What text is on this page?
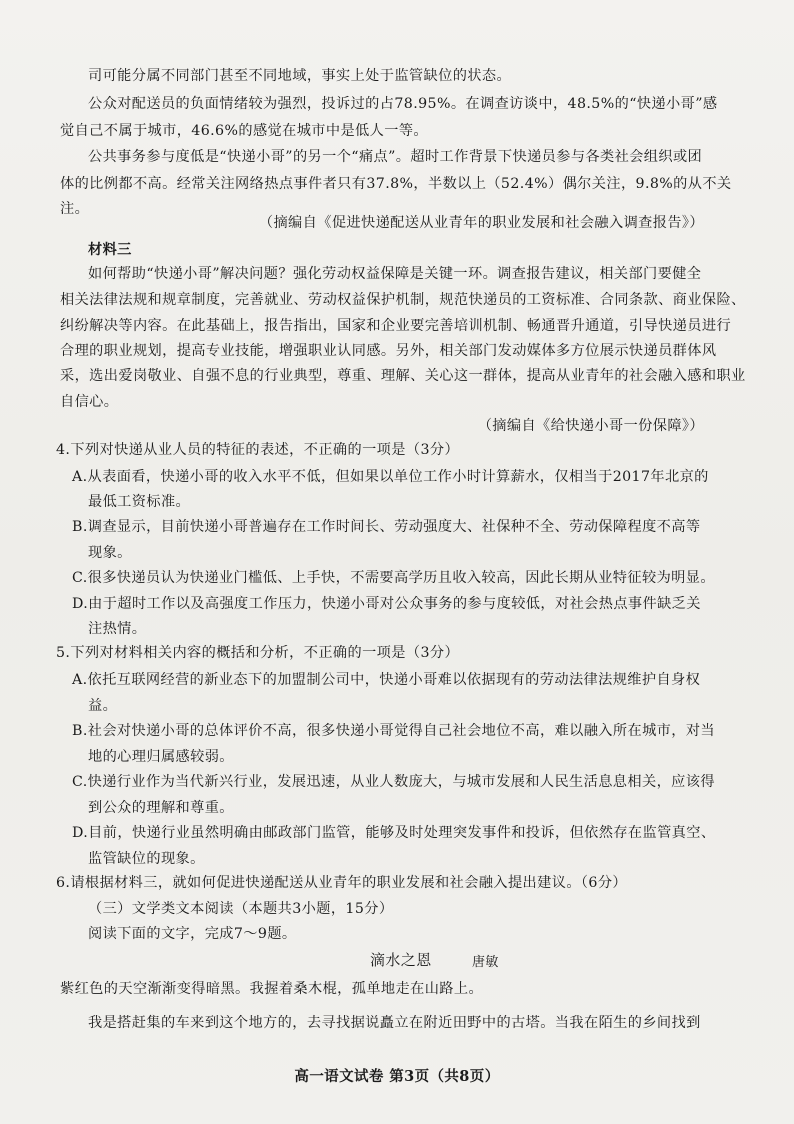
司可能分属不同部门甚至不同地域，事实上处于监管缺位的状态。
公众对配送员的负面情绪较为强烈，投诉过的占78.95%。在调查访谈中，48.5%的“快递小哥”感
觉自己不属于城市，46.6%的感觉在城市中是低人一等。
公共事务参与度低是“快递小哥”的另一个“痛点”。超时工作背景下快递员参与各类社会组织或团
体的比例都不高。经常关注网络热点事件者只有37.8%，半数以上（52.4%）偶尔关注，9.8%的从不关
注。
（摘编自《促进快递配送从业青年的职业发展和社会融入调查报告》）
材料三
如何帮助“快递小哥”解决问题？强化劳动权益保障是关键一环。调查报告建议，相关部门要健全
相关法律法规和规章制度，完善就业、劳动权益保护机制，规范快递员的工资标准、合同条款、商业保险、
纠纷解决等内容。在此基础上，报告指出，国家和企业要完善培训机制、畅通晋升通道，引导快递员进行
合理的职业规划，提高专业技能，增强职业认同感。另外，相关部门发动媒体多方位展示快递员群体风
采，选出爱岗敬业、自强不息的行业典型，尊重、理解、关心这一群体，提高从业青年的社会融入感和职业
自信心。
（摘编自《给快递小哥一份保障》）
4.下列对快递从业人员的特征的表述，不正确的一项是（3分）
A.从表面看，快递小哥的收入水平不低，但如果以单位工作小时计算薪水，仅相当于2017年北京的
最低工资标准。
B.调查显示，目前快递小哥普遍存在工作时间长、劳动强度大、社保种不全、劳动保障程度不高等
现象。
C.很多快递员认为快递业门槛低、上手快，不需要高学历且收入较高，因此长期从业特征较为明显。
D.由于超时工作以及高强度工作压力，快递小哥对公众事务的参与度较低，对社会热点事件缺乏关
注热情。
5.下列对材料相关内容的概括和分析，不正确的一项是（3分）
A.依托互联网经营的新业态下的加盟制公司中，快递小哥难以依据现有的劳动法律法规维护自身权
益。
B.社会对快递小哥的总体评价不高，很多快递小哥觉得自己社会地位不高，难以融入所在城市，对当
地的心理归属感较弱。
C.快递行业作为当代新兴行业，发展迅速，从业人数庞大，与城市发展和人民生活息息相关，应该得
到公众的理解和尊重。
D.目前，快递行业虽然明确由邮政部门监管，能够及时处理突发事件和投诉，但依然存在监管真空、
监管缺位的现象。
6.请根据材料三，就如何促进快递配送从业青年的职业发展和社会融入提出建议。（6分）
（三）文学类文本阅读（本题共3小题，15分）
阅读下面的文字，完成7～9题。
滴水之恩	唐敏
紫红色的天空渐渐变得暗黑。我握着桑木棍，孤单地走在山路上。
我是搭赶集的车来到这个地方的，去寻找据说矗立在附近田野中的古塔。当我在陌生的乡间找到
高一语文试卷 第3页（共8页）
